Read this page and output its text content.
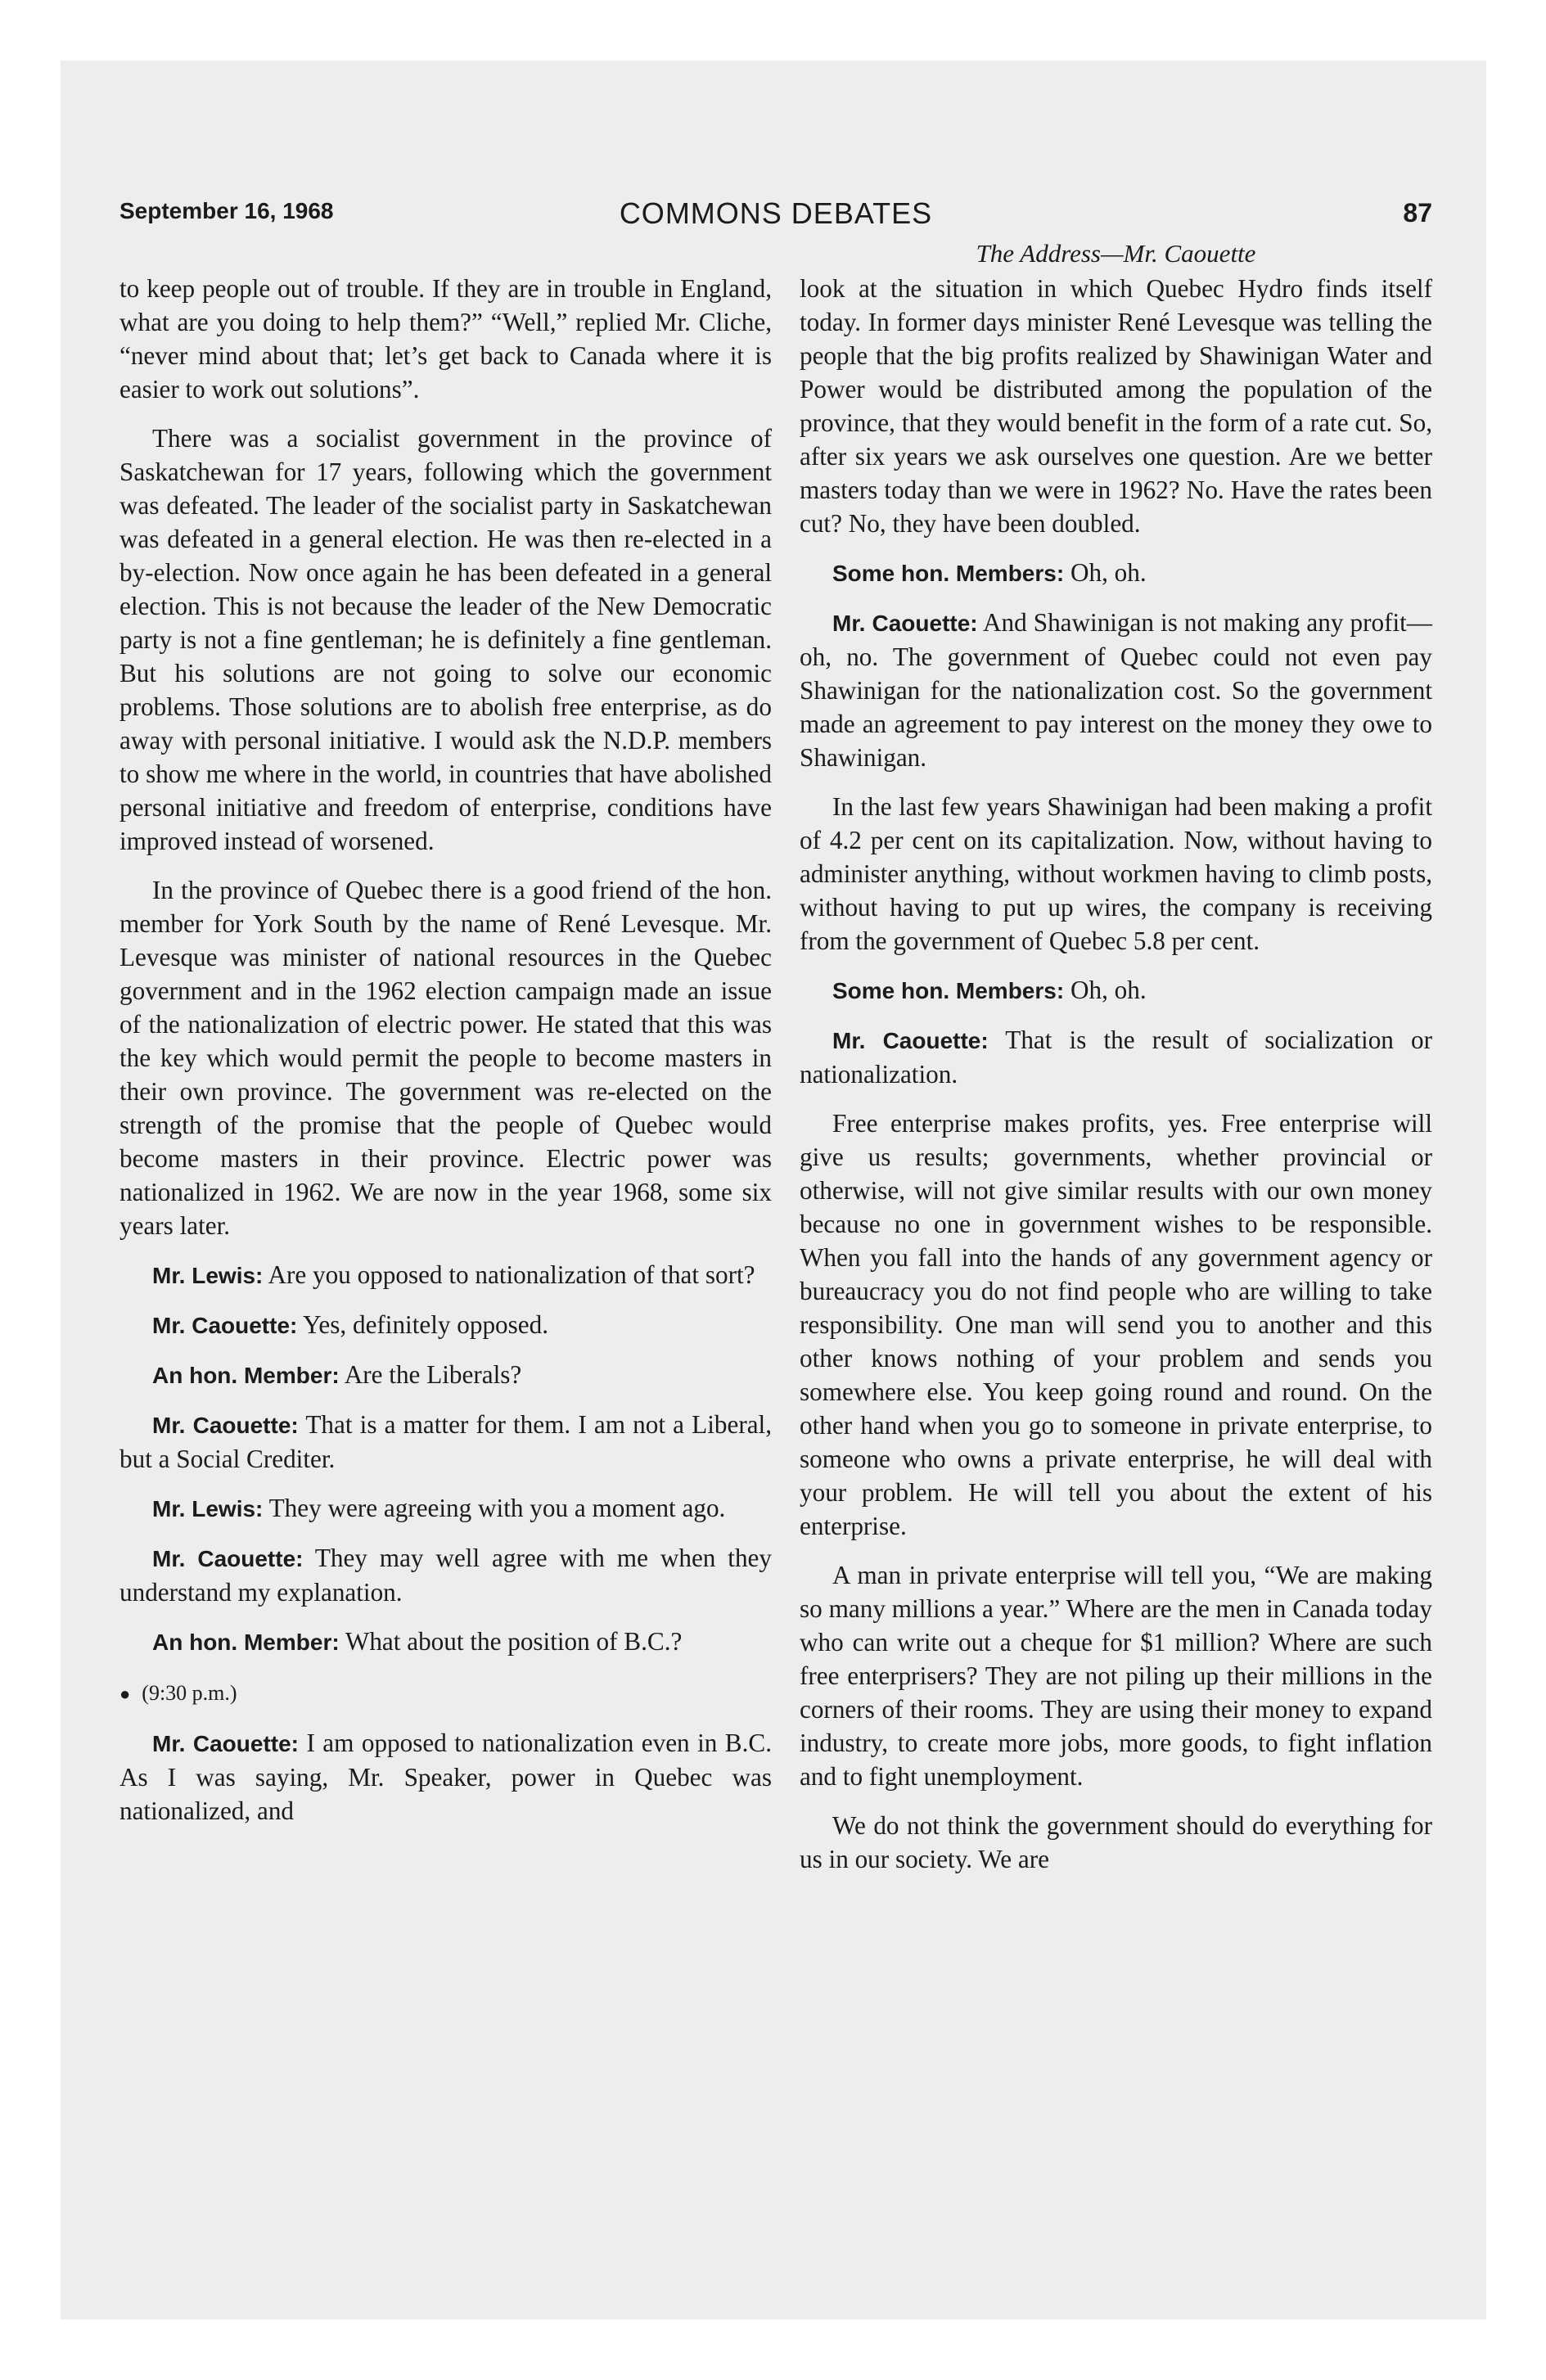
September 16, 1968	COMMONS DEBATES	87
The Address—Mr. Caouette

to keep people out of trouble. If they are in trouble in England, what are you doing to help them?” “Well,” replied Mr. Cliche, “never mind about that; let’s get back to Canada where it is easier to work out solutions”.

There was a socialist government in the province of Saskatchewan for 17 years, following which the government was defeated. The leader of the socialist party in Saskatchewan was defeated in a general election. He was then re-elected in a by-election. Now once again he has been defeated in a general election. This is not because the leader of the New Democratic party is not a fine gentleman; he is definitely a fine gentleman. But his solutions are not going to solve our economic problems. Those solutions are to abolish free enterprise, as do away with personal initiative. I would ask the N.D.P. members to show me where in the world, in countries that have abolished personal initiative and freedom of enterprise, conditions have improved instead of worsened.

In the province of Quebec there is a good friend of the hon. member for York South by the name of René Levesque. Mr. Levesque was minister of national resources in the Quebec government and in the 1962 election campaign made an issue of the nationalization of electric power. He stated that this was the key which would permit the people to become masters in their own province. The government was re-elected on the strength of the promise that the people of Quebec would become masters in their province. Electric power was nationalized in 1962. We are now in the year 1968, some six years later.

Mr. Lewis: Are you opposed to nationalization of that sort?

Mr. Caouette: Yes, definitely opposed.

An hon. Member: Are the Liberals?

Mr. Caouette: That is a matter for them. I am not a Liberal, but a Social Crediter.

Mr. Lewis: They were agreeing with you a moment ago.

Mr. Caouette: They may well agree with me when they understand my explanation.

An hon. Member: What about the position of B.C.?

● (9:30 p.m.)

Mr. Caouette: I am opposed to nationalization even in B.C. As I was saying, Mr. Speaker, power in Quebec was nationalized, and

look at the situation in which Quebec Hydro finds itself today. In former days minister René Levesque was telling the people that the big profits realized by Shawinigan Water and Power would be distributed among the population of the province, that they would benefit in the form of a rate cut. So, after six years we ask ourselves one question. Are we better masters today than we were in 1962? No. Have the rates been cut? No, they have been doubled.

Some hon. Members: Oh, oh.

Mr. Caouette: And Shawinigan is not making any profit—oh, no. The government of Quebec could not even pay Shawinigan for the nationalization cost. So the government made an agreement to pay interest on the money they owe to Shawinigan.

In the last few years Shawinigan had been making a profit of 4.2 per cent on its capitalization. Now, without having to administer anything, without workmen having to climb posts, without having to put up wires, the company is receiving from the government of Quebec 5.8 per cent.

Some hon. Members: Oh, oh.

Mr. Caouette: That is the result of socialization or nationalization.

Free enterprise makes profits, yes. Free enterprise will give us results; governments, whether provincial or otherwise, will not give similar results with our own money because no one in government wishes to be responsible. When you fall into the hands of any government agency or bureaucracy you do not find people who are willing to take responsibility. One man will send you to another and this other knows nothing of your problem and sends you somewhere else. You keep going round and round. On the other hand when you go to someone in private enterprise, to someone who owns a private enterprise, he will deal with your problem. He will tell you about the extent of his enterprise.

A man in private enterprise will tell you, “We are making so many millions a year.” Where are the men in Canada today who can write out a cheque for $1 million? Where are such free enterprisers? They are not piling up their millions in the corners of their rooms. They are using their money to expand industry, to create more jobs, more goods, to fight inflation and to fight unemployment.

We do not think the government should do everything for us in our society. We are
